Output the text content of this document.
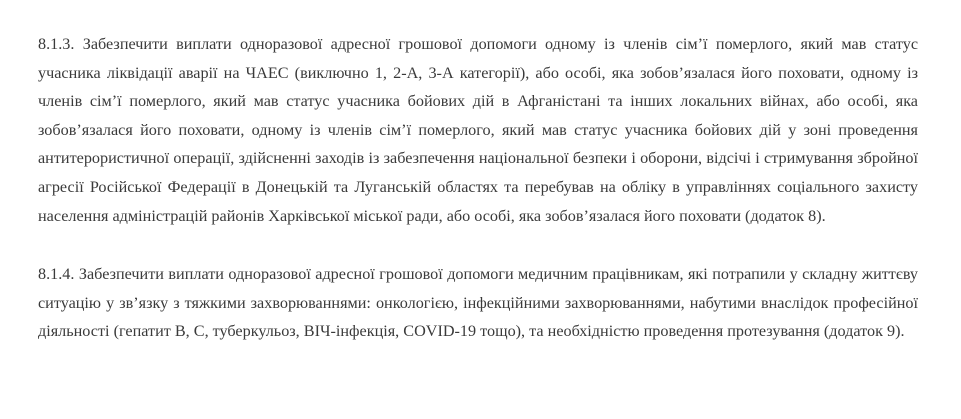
8.1.3. Забезпечити виплати одноразової адресної грошової допомоги одному із членів сім’ї померлого, який мав статус учасника ліквідації аварії на ЧАЕС (виключно 1, 2-А, 3-А категорії), або особі, яка зобов’язалася його поховати, одному із членів сім’ї померлого, який мав статус учасника бойових дій в Афганістані та інших локальних війнах, або особі, яка зобов’язалася його поховати, одному із членів сім’ї померлого, який мав статус учасника бойових дій у зоні проведення антитерористичної операції, здійсненні заходів із забезпечення національної безпеки і оборони, відсічі і стримування збройної агресії Російської Федерації в Донецькій та Луганській областях та перебував на обліку в управліннях соціального захисту населення адміністрацій районів Харківської міської ради, або особі, яка зобов’язалася його поховати (додаток 8).

8.1.4. Забезпечити виплати одноразової адресної грошової допомоги медичним працівникам, які потрапили у складну життєву ситуацію у зв’язку з тяжкими захворюваннями: онкологією, інфекційними захворюваннями, набутими внаслідок професійної діяльності (гепатит В, С, туберкульоз, ВІЧ-інфекція, COVID-19 тощо), та необхідністю проведення протезування (додаток 9).
